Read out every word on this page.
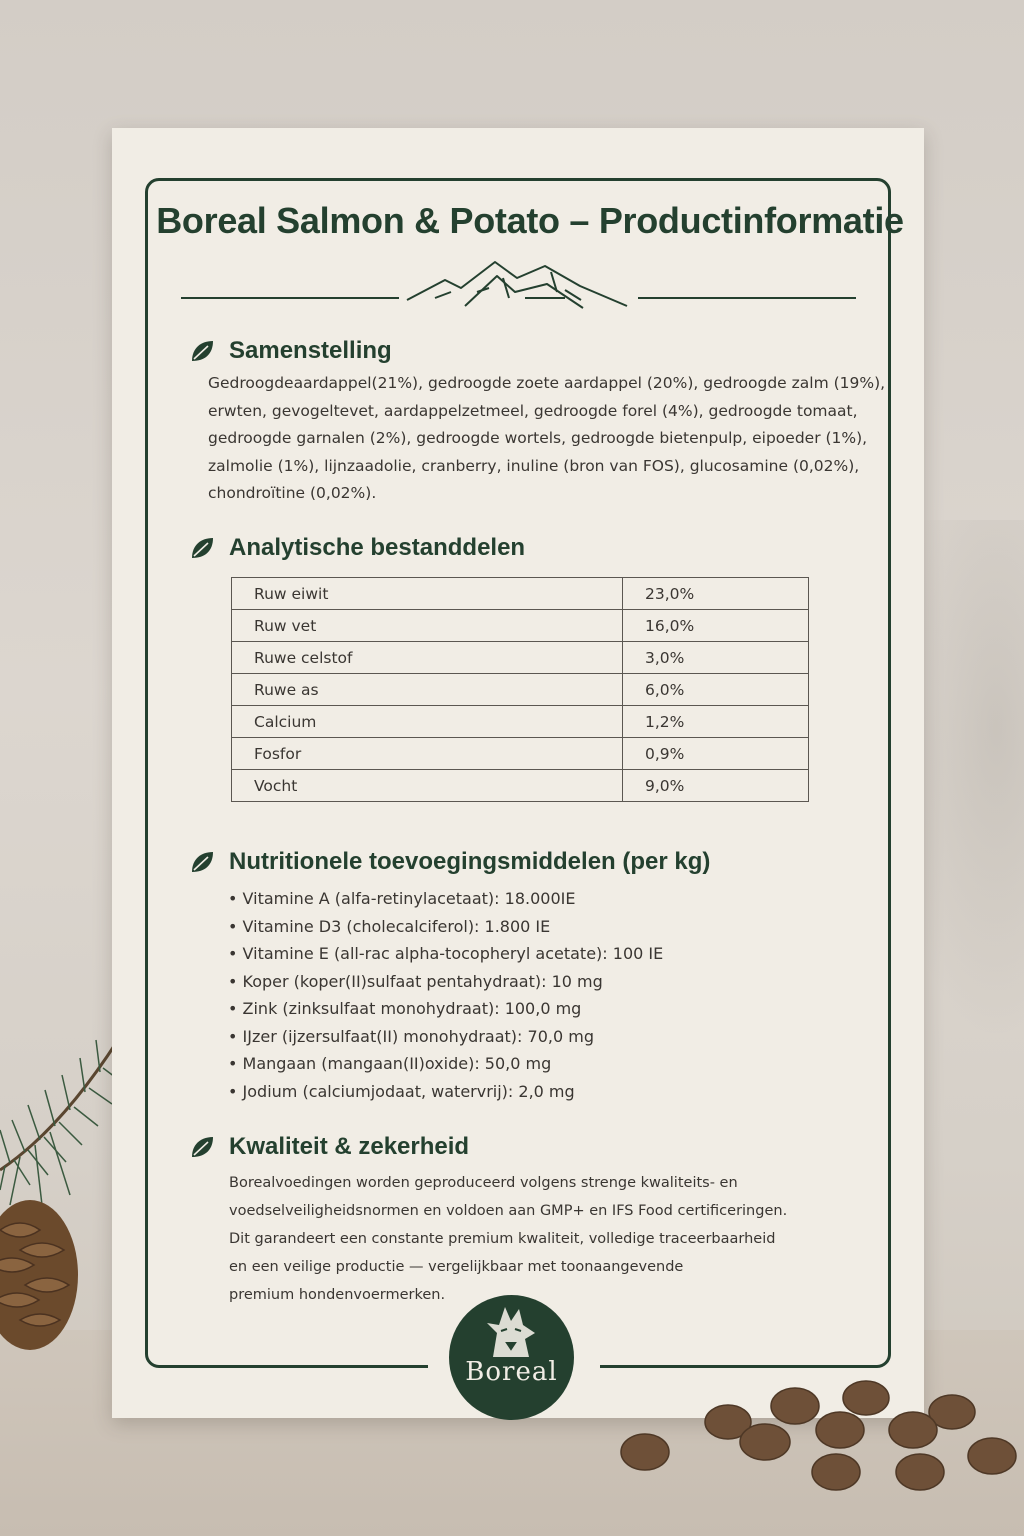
Boreal Salmon & Potato – Productinformatie
Samenstelling
Gedroogdeaardappel(21%), gedroogde zoete aardappel (20%), gedroogde zalm (19%),
erwten, gevogeltevet, aardappelzetmeel, gedroogde forel (4%), gedroogde tomaat,
gedroogde garnalen (2%), gedroogde wortels, gedroogde bietenpulp, eipoeder (1%),
zalmolie (1%), lijnzaadolie, cranberry, inuline (bron van FOS), glucosamine (0,02%),
chondroïtine (0,02%).
Analytische bestanddelen
Ruw eiwit	23,0%
Ruw vet	16,0%
Ruwe celstof	3,0%
Ruwe as	6,0%
Calcium	1,2%
Fosfor	0,9%
Vocht	9,0%
Nutritionele toevoegingsmiddelen (per kg)
• Vitamine A (alfa-retinylacetaat): 18.000IE
• Vitamine D3 (cholecalciferol): 1.800 IE
• Vitamine E (all-rac alpha-tocopheryl acetate): 100 IE
• Koper (koper(II)sulfaat pentahydraat): 10 mg
• Zink (zinksulfaat monohydraat): 100,0 mg
• IJzer (ijzersulfaat(II) monohydraat): 70,0 mg
• Mangaan (mangaan(II)oxide): 50,0 mg
• Jodium (calciumjodaat, watervrij): 2,0 mg
Kwaliteit & zekerheid
Borealvoedingen worden geproduceerd volgens strenge kwaliteits- en
voedselveiligheidsnormen en voldoen aan GMP+ en IFS Food certificeringen.
Dit garandeert een constante premium kwaliteit, volledige traceerbaarheid
en een veilige productie — vergelijkbaar met toonaangevende
premium hondenvoermerken.
Boreal
